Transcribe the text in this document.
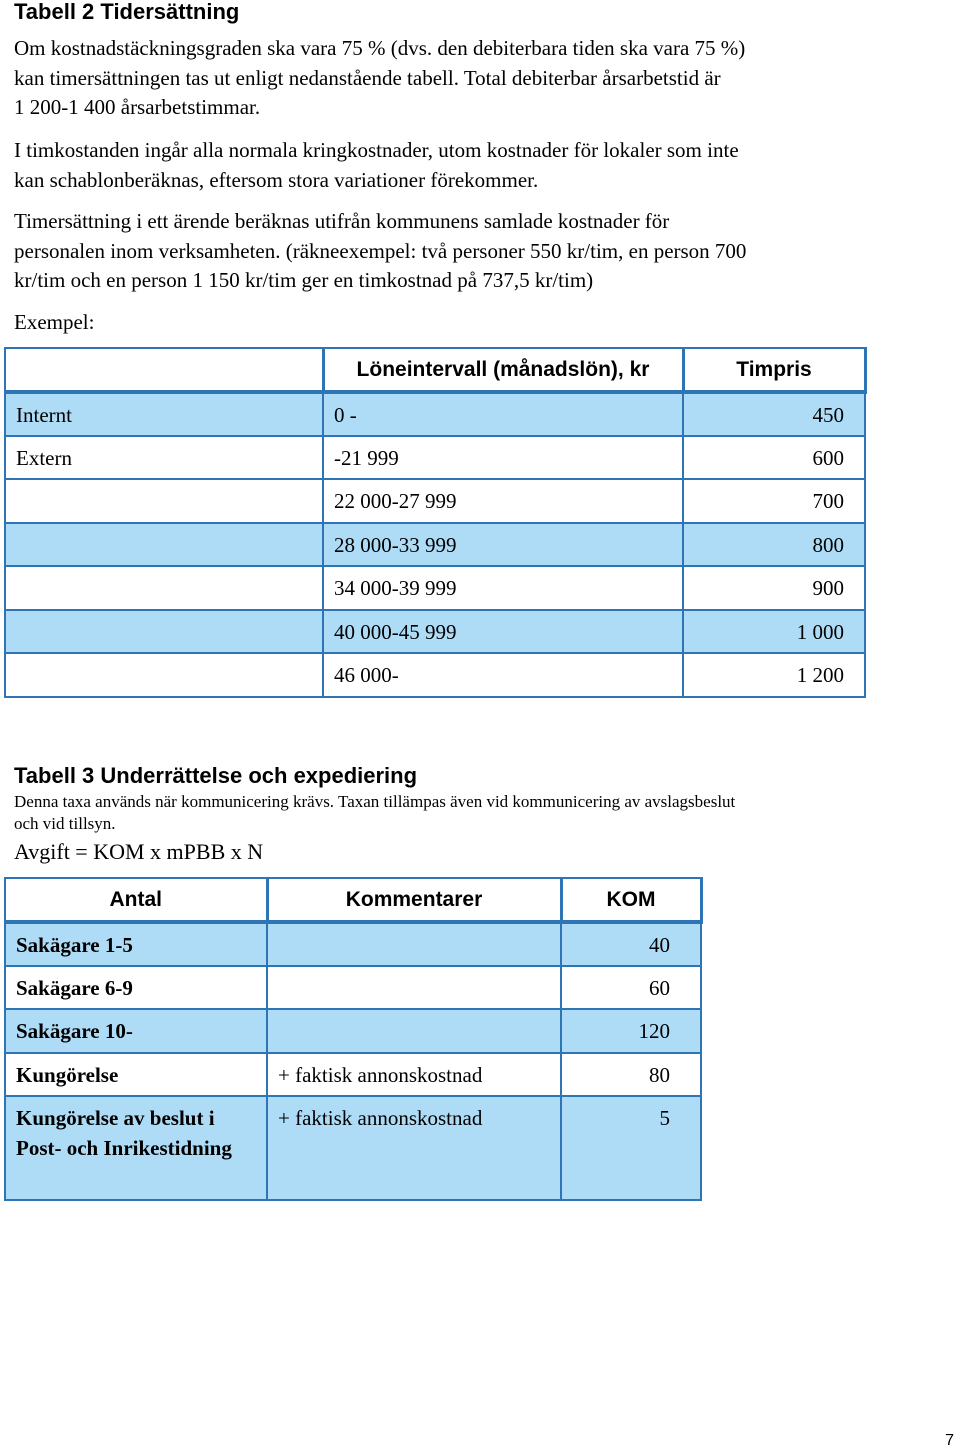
Tabell 2 Tidersättning
Om kostnadstäckningsgraden ska vara 75 % (dvs. den debiterbara tiden ska vara 75 %)
kan timersättningen tas ut enligt nedanstående tabell. Total debiterbar årsarbetstid är
1 200-1 400 årsarbetstimmar.
I timkostanden ingår alla normala kringkostnader, utom kostnader för lokaler som inte
kan schablonberäknas, eftersom stora variationer förekommer.
Timersättning i ett ärende beräknas utifrån kommunens samlade kostnader för
personalen inom verksamheten. (räkneexempel: två personer 550 kr/tim, en person 700
kr/tim och en person 1 150 kr/tim ger en timkostnad på 737,5 kr/tim)
Exempel:
	Löneintervall (månadslön), kr	Timpris
Internt	0 -	450
Extern	-21 999	600
	22 000-27 999	700
	28 000-33 999	800
	34 000-39 999	900
	40 000-45 999	1 000
	46 000-	1 200
Tabell 3 Underrättelse och expediering
Denna taxa används när kommunicering krävs. Taxan tillämpas även vid kommunicering av avslagsbeslut
och vid tillsyn.
Avgift = KOM x mPBB x N
Antal	Kommentarer	KOM
Sakägare 1-5		40
Sakägare 6-9		60
Sakägare 10-		120
Kungörelse	+ faktisk annonskostnad	80
Kungörelse av beslut i Post- och Inrikestidning	+ faktisk annonskostnad	5
7
